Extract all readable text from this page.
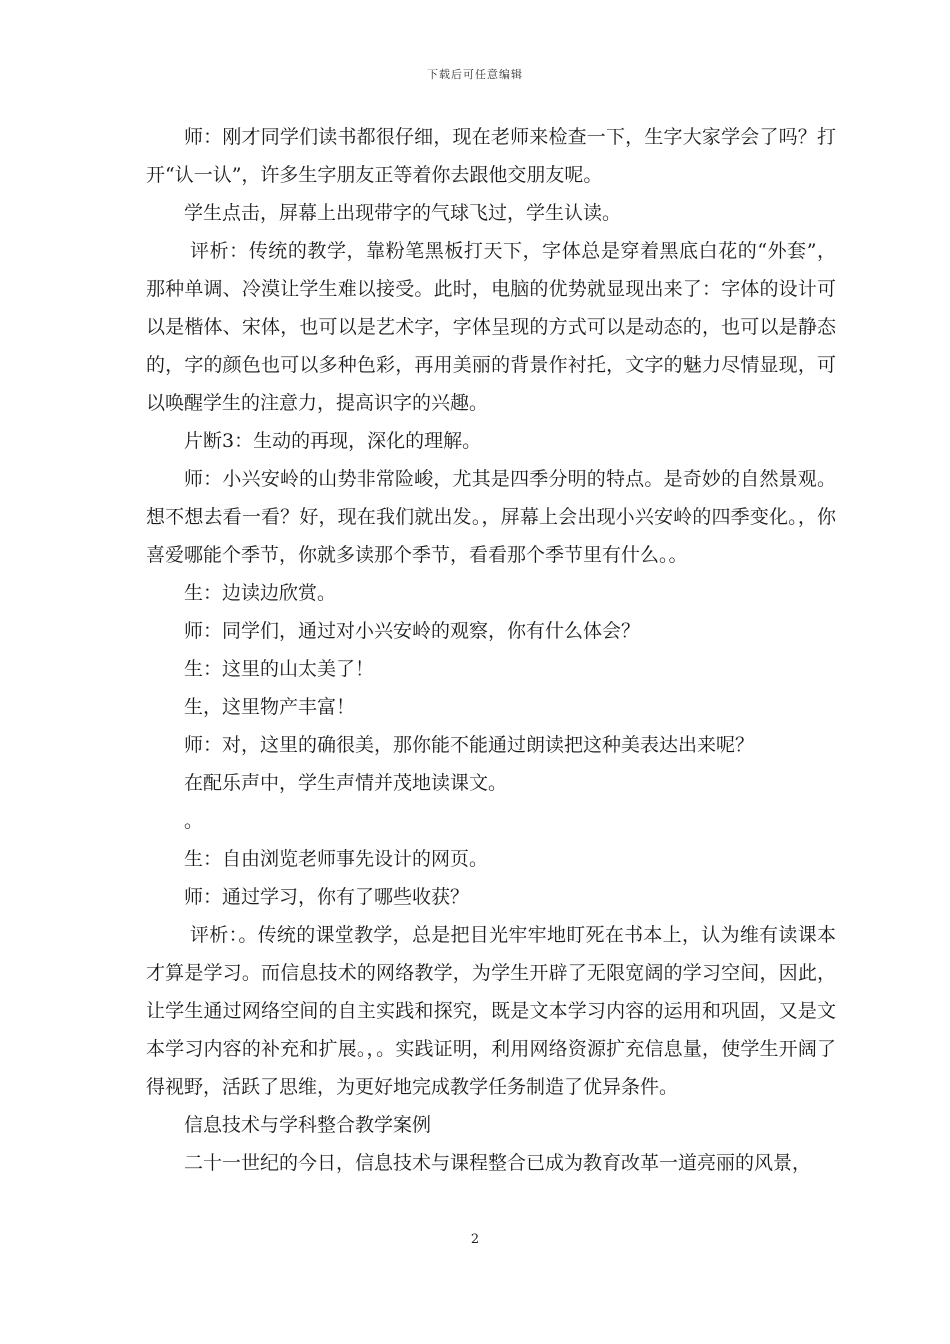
下载后可任意编辑

师：刚才同学们读书都很仔细，现在老师来检查一下，生字大家学会了吗？打开“认一认”，许多生字朋友正等着你去跟他交朋友呢。

学生点击，屏幕上出现带字的气球飞过，学生认读。

评析：传统的教学，靠粉笔黑板打天下，字体总是穿着黑底白花的“外套”，那种单调、冷漠让学生难以接受。此时，电脑的优势就显现出来了：字体的设计可以是楷体、宋体，也可以是艺术字，字体呈现的方式可以是动态的，也可以是静态的，字的颜色也可以多种色彩，再用美丽的背景作衬托，文字的魅力尽情显现，可以唤醒学生的注意力，提高识字的兴趣。

片断3：生动的再现，深化的理解。

师：小兴安岭的山势非常险峻，尤其是四季分明的特点。是奇妙的自然景观。想不想去看一看？好，现在我们就出发。，屏幕上会出现小兴安岭的四季变化。，你喜爱哪能个季节，你就多读那个季节，看看那个季节里有什么。。

生：边读边欣赏。

师：同学们，通过对小兴安岭的观察，你有什么体会？

生：这里的山太美了！

生，这里物产丰富！

师：对，这里的确很美，那你能不能通过朗读把这种美表达出来呢？

在配乐声中，学生声情并茂地读课文。

。

生：自由浏览老师事先设计的网页。

师：通过学习，你有了哪些收获？

评析：。传统的课堂教学，总是把目光牢牢地盯死在书本上，认为维有读课本才算是学习。而信息技术的网络教学，为学生开辟了无限宽阔的学习空间，因此，让学生通过网络空间的自主实践和探究，既是文本学习内容的运用和巩固，又是文本学习内容的补充和扩展。，。实践证明，利用网络资源扩充信息量，使学生开阔了得视野，活跃了思维，为更好地完成教学任务制造了优异条件。

信息技术与学科整合教学案例

二十一世纪的今日，信息技术与课程整合已成为教育改革一道亮丽的风景，

2
